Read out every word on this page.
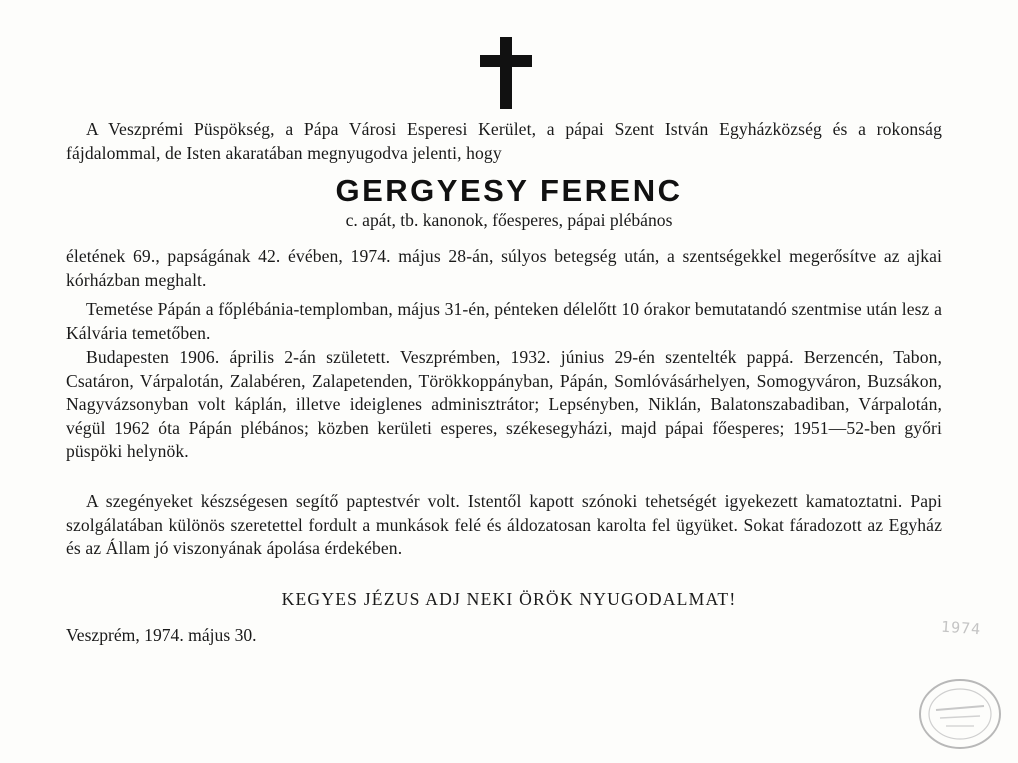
A Veszprémi Püspökség, a Pápa Városi Esperesi Kerület, a pápai Szent István Egyházközség és a rokonság fájdalommal, de Isten akaratában megnyugodva jelenti, hogy
GERGYESY FERENC
c. apát, tb. kanonok, főesperes, pápai plébános
életének 69., papságának 42. évében, 1974. május 28-án, súlyos betegség után, a szentségekkel megerősítve az ajkai kórházban meghalt.
Temetése Pápán a főplébánia-templomban, május 31-én, pénteken délelőtt 10 órakor bemutatandó szentmise után lesz a Kálvária temetőben.
Budapesten 1906. április 2-án született. Veszprémben, 1932. június 29-én szentelték pappá. Berzencén, Tabon, Csatáron, Várpalotán, Zalabéren, Zalapetenden, Törökkoppányban, Pápán, Somlóvásárhelyen, Somogyváron, Buzsákon, Nagyvázsonyban volt káplán, illetve ideiglenes adminisztrátor; Lepsényben, Niklán, Balatonszabadiban, Várpalotán, végül 1962 óta Pápán plébános; közben kerületi esperes, székesegyházi, majd pápai főesperes; 1951—52-ben győri püspöki helynök.
A szegényeket készségesen segítő paptestvér volt. Istentől kapott szónoki tehetségét igyekezett kamatoztatni. Papi szolgálatában különös szeretettel fordult a munkások felé és áldozatosan karolta fel ügyüket. Sokat fáradozott az Egyház és az Állam jó viszonyának ápolása érdekében.
KEGYES JÉZUS ADJ NEKI ÖRÖK NYUGODALMAT!
Veszprém, 1974. május 30.	1974
